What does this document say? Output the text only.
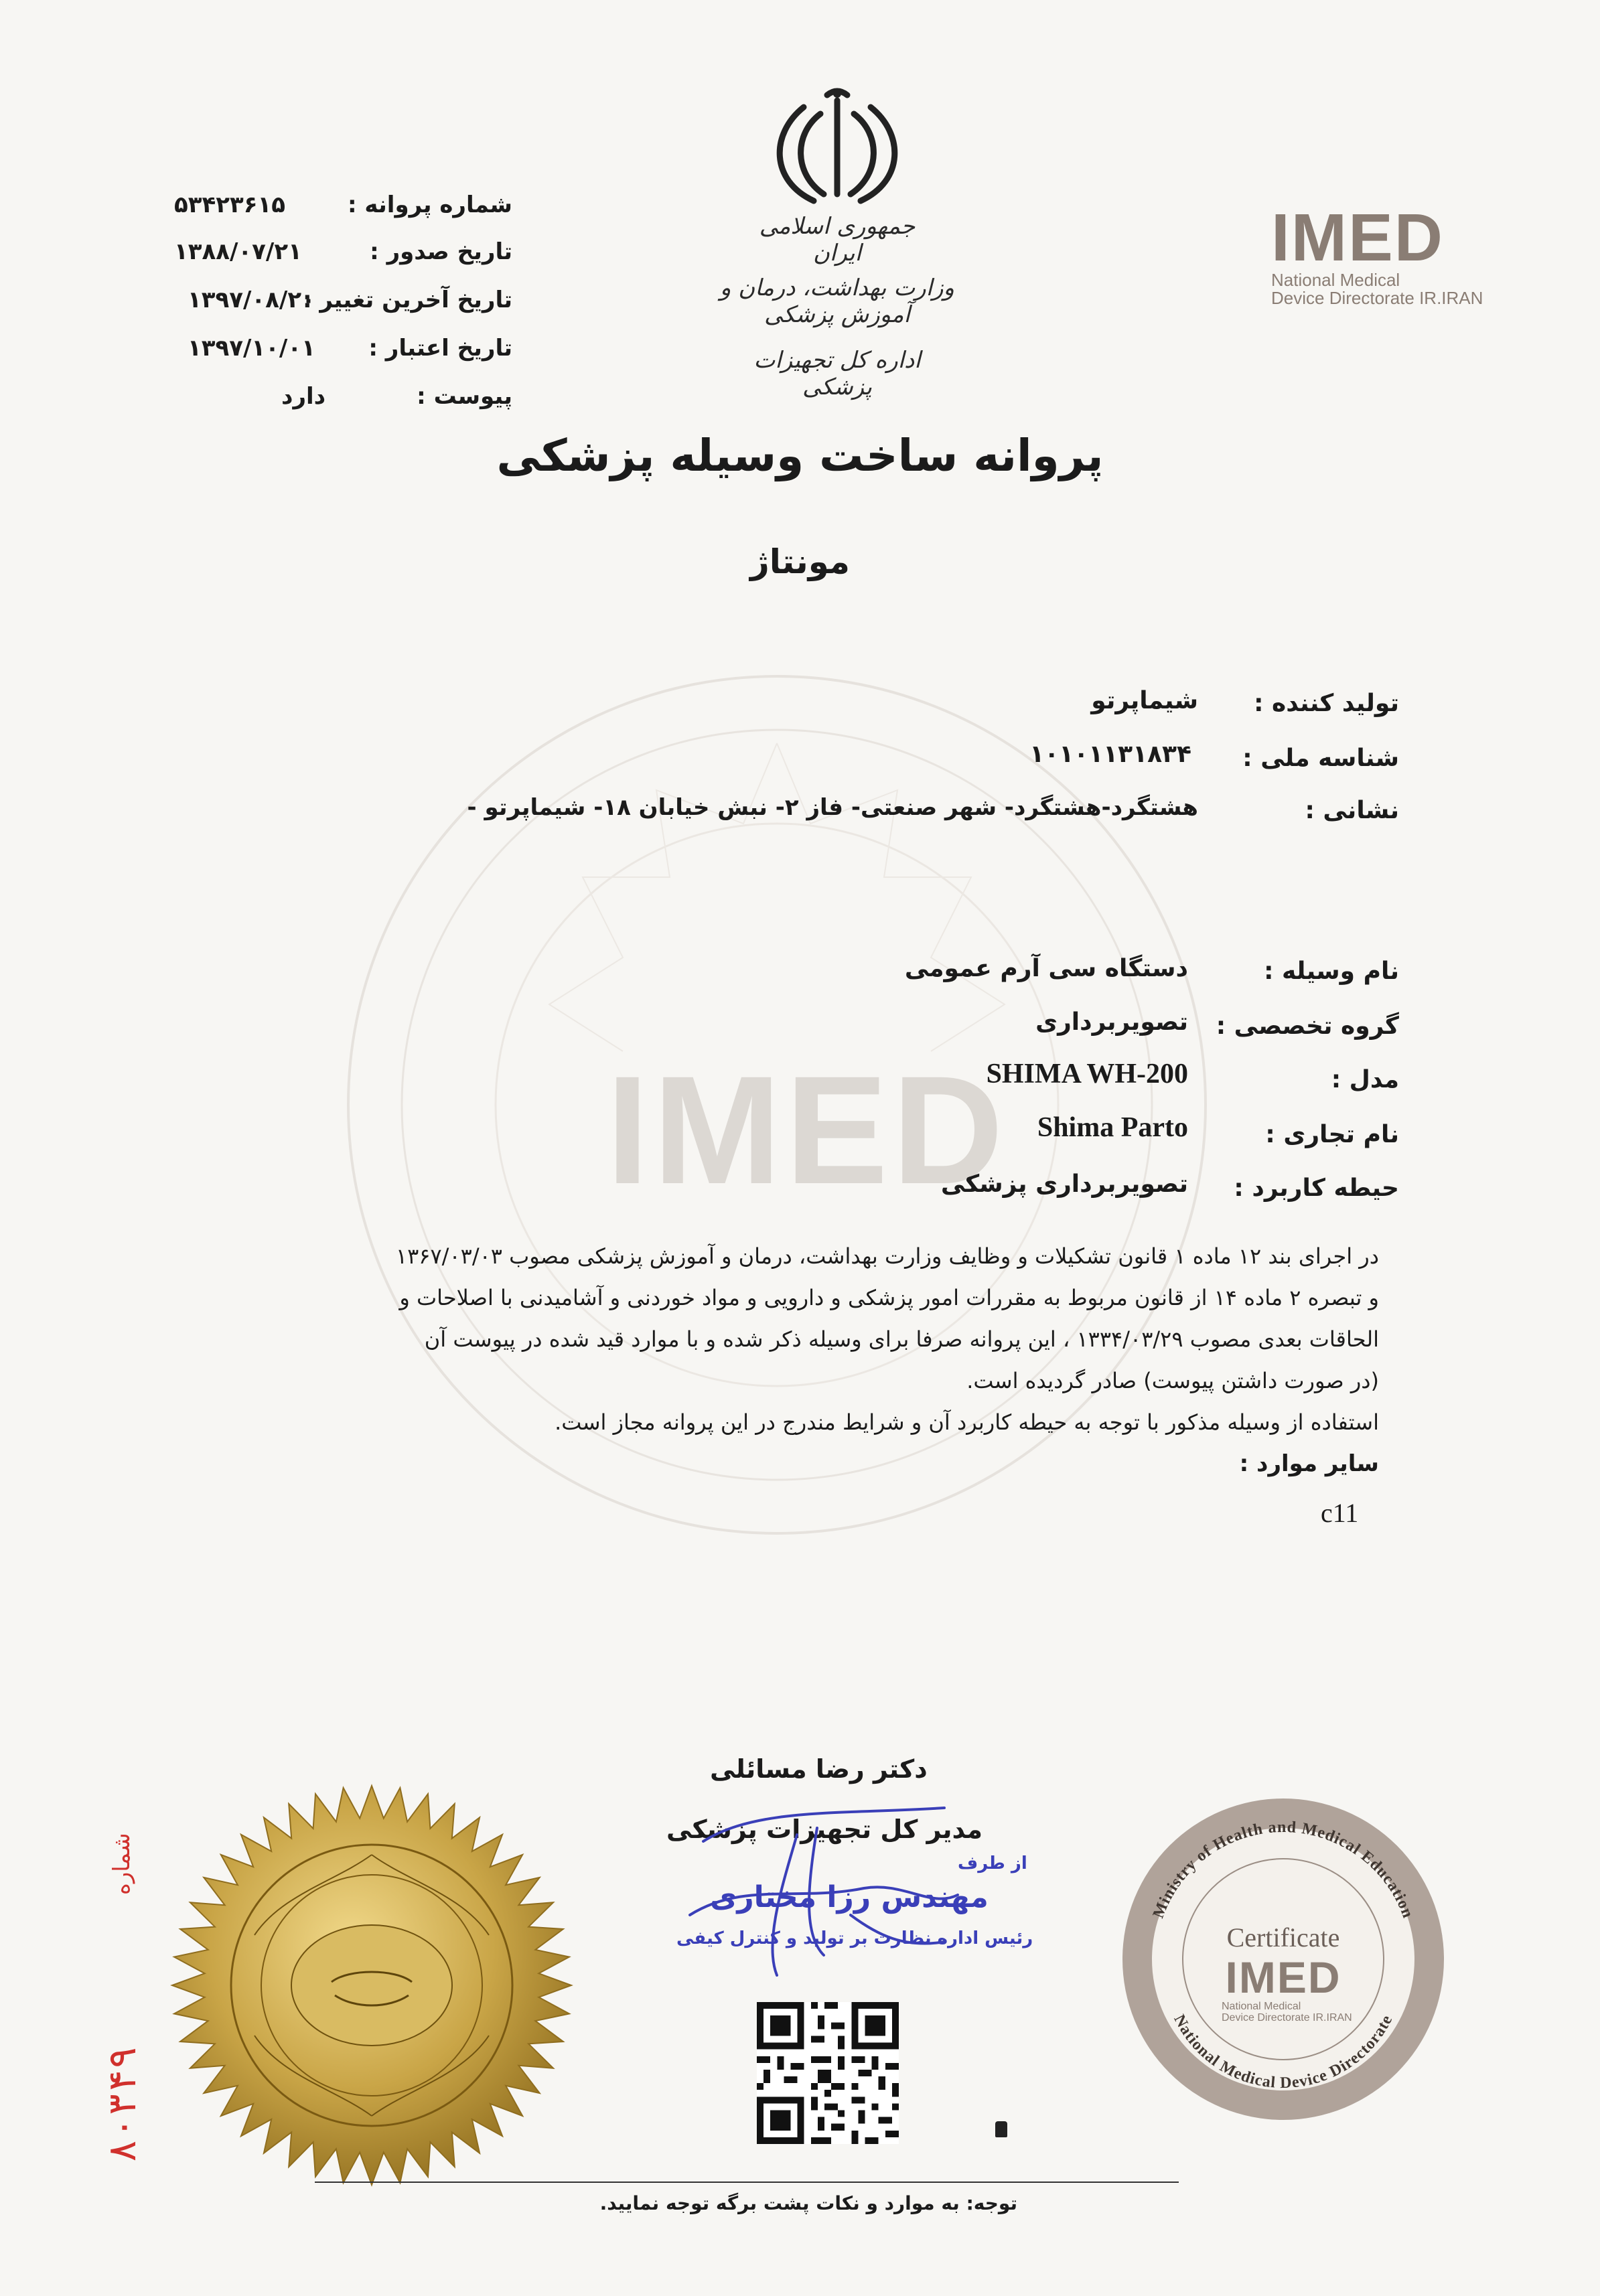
IMED
شماره پروانه :
۵۳۴۲۳۶۱۵
تاریخ صدور :
۱۳۸۸/۰۷/۲۱
تاریخ آخرین تغییر :
۱۳۹۷/۰۸/۲۰
تاریخ اعتبار :
۱۳۹۷/۱۰/۰۱
پیوست :
دارد
جمهوری اسلامی ایران
وزارت بهداشت، درمان و آموزش پزشکی
اداره کل تجهیزات پزشکی
IMED
National Medical
Device Directorate IR.IRAN
پروانه ساخت وسیله پزشکی
مونتاژ
تولید کننده :
شیماپرتو
شناسه ملی :
۱۰۱۰۱۱۳۱۸۳۴
نشانی :
هشتگرد-هشتگرد- شهر صنعتی- فاز ۲- نبش خیابان ۱۸- شیماپرتو -
نام وسیله :
دستگاه سی آرم عمومی
گروه تخصصی :
تصویربرداری
مدل :
SHIMA WH-200
نام تجاری :
Shima Parto
حیطه کاربرد :
تصویربرداری پزشکی
در اجرای بند ۱۲ ماده ۱ قانون تشکیلات و وظایف وزارت بهداشت، درمان و آموزش پزشکی مصوب ۱۳۶۷/۰۳/۰۳
و تبصره ۲ ماده ۱۴ از قانون مربوط به مقررات امور پزشکی و دارویی و مواد خوردنی و آشامیدنی با اصلاحات و
الحاقات بعدی مصوب ۱۳۳۴/۰۳/۲۹ ، این پروانه صرفا برای وسیله ذکر شده و با موارد قید شده در پیوست آن
(در صورت داشتن پیوست) صادر گردیده است.
استفاده از وسیله مذکور با توجه به حیطه کاربرد آن و شرایط مندرج در این پروانه مجاز است.
سایر موارد :
c11
دکتر رضا مسائلی
مدیر کل تجهیزات پزشکی
از طرف
مهندس رزا مختاری
رئیس اداره نظارت بر تولید و کنترل کیفی
شماره
۸۰۳۴۹
Ministry of Health and Medical Education
National Medical Device Directorate
Certificate
IMED
National Medical
Device Directorate IR.IRAN
توجه: به موارد و نکات پشت برگه توجه نمایید.
